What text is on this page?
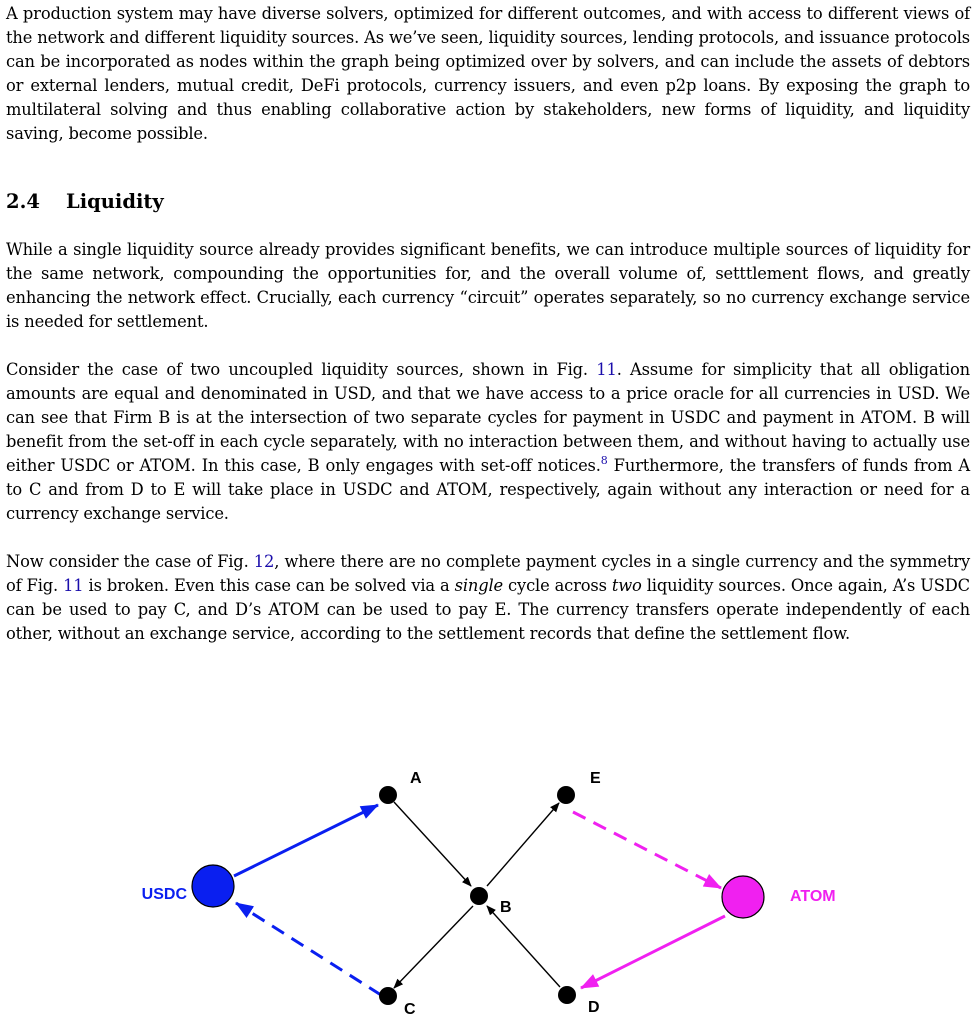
A production system may have diverse solvers, optimized for different outcomes, and with access to different views of the network and different liquidity sources. As we’ve seen, liquidity sources, lending protocols, and issuance protocols can be incorporated as nodes within the graph being optimized over by solvers, and can include the assets of debtors or external lenders, mutual credit, DeFi protocols, currency issuers, and even p2p loans. By exposing the graph to multilateral solving and thus enabling collaborative action by stakeholders, new forms of liquidity, and liquidity saving, become possible.

2.4 Liquidity

While a single liquidity source already provides significant benefits, we can introduce multiple sources of liquidity for the same network, compounding the opportunities for, and the overall volume of, setttlement flows, and greatly enhancing the network effect. Crucially, each currency “circuit” operates separately, so no currency exchange service is needed for settlement.

Consider the case of two uncoupled liquidity sources, shown in Fig. 11. Assume for simplicity that all obligation amounts are equal and denominated in USD, and that we have access to a price oracle for all currencies in USD. We can see that Firm B is at the intersection of two separate cycles for payment in USDC and payment in ATOM. B will benefit from the set-off in each cycle separately, with no interaction between them, and without having to actually use either USDC or ATOM. In this case, B only engages with set-off notices.$^8$ Furthermore, the transfers of funds from A to C and from D to E will take place in USDC and ATOM, respectively, again without any interaction or need for a currency exchange service.

Now consider the case of Fig. 12, where there are no complete payment cycles in a single currency and the symmetry of Fig. 11 is broken. Even this case can be solved via a single cycle across two liquidity sources. Once again, A’s USDC can be used to pay C, and D’s ATOM can be used to pay E. The currency transfers operate independently of each other, without an exchange service, according to the settlement records that define the settlement flow.

USDC	ATOM
A
B
C	D
E
